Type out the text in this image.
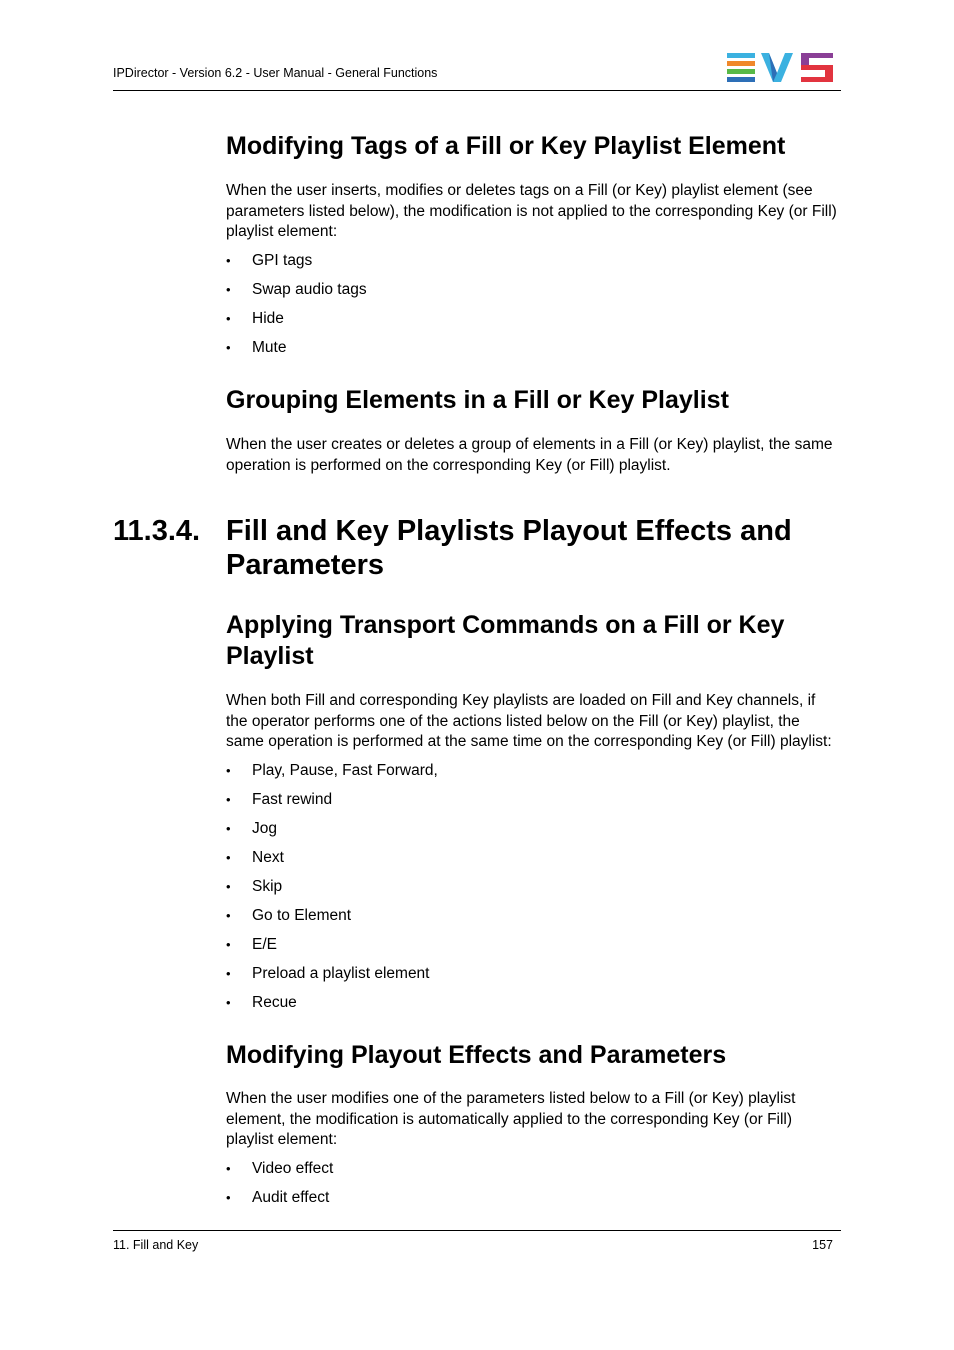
IPDirector - Version 6.2 - User Manual - General Functions
Modifying Tags of a Fill or Key Playlist Element

When the user inserts, modifies or deletes tags on a Fill (or Key) playlist element (see parameters listed below), the modification is not applied to the corresponding Key (or Fill) playlist element:

• GPI tags
• Swap audio tags
• Hide
• Mute
Grouping Elements in a Fill or Key Playlist

When the user creates or deletes a group of elements in a Fill (or Key) playlist, the same operation is performed on the corresponding Key (or Fill) playlist.

11.3.4. Fill and Key Playlists Playout Effects and Parameters
Applying Transport Commands on a Fill or Key Playlist

When both Fill and corresponding Key playlists are loaded on Fill and Key channels, if the operator performs one of the actions listed below on the Fill (or Key) playlist, the same operation is performed at the same time on the corresponding Key (or Fill) playlist:

• Play, Pause, Fast Forward,
• Fast rewind
• Jog
• Next
• Skip
• Go to Element
• E/E
• Preload a playlist element
• Recue
Modifying Playout Effects and Parameters

When the user modifies one of the parameters listed below to a Fill (or Key) playlist element, the modification is automatically applied to the corresponding Key (or Fill) playlist element:

• Video effect
• Audit effect
11. Fill and Key	157
